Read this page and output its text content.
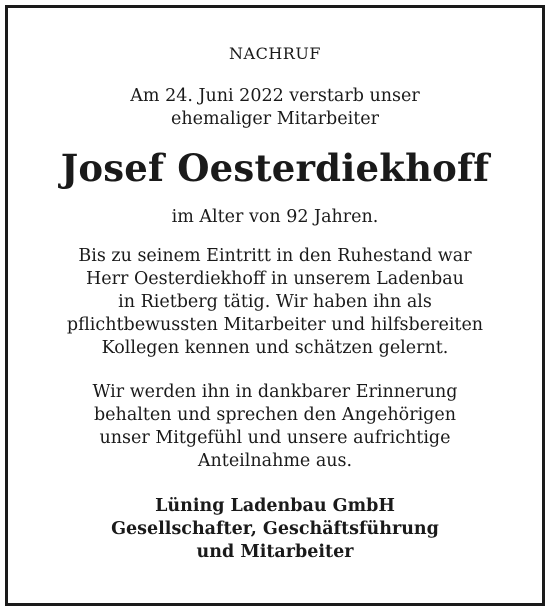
NACHRUF
Am 24. Juni 2022 verstarb unser
ehemaliger Mitarbeiter
Josef Oesterdiekhoff
im Alter von 92 Jahren.
Bis zu seinem Eintritt in den Ruhestand war
Herr Oesterdiekhoff in unserem Ladenbau
in Rietberg tätig. Wir haben ihn als
pflichtbewussten Mitarbeiter und hilfsbereiten
Kollegen kennen und schätzen gelernt.
Wir werden ihn in dankbarer Erinnerung
behalten und sprechen den Angehörigen
unser Mitgefühl und unsere aufrichtige
Anteilnahme aus.
Lüning Ladenbau GmbH
Gesellschafter, Geschäftsführung
und Mitarbeiter
